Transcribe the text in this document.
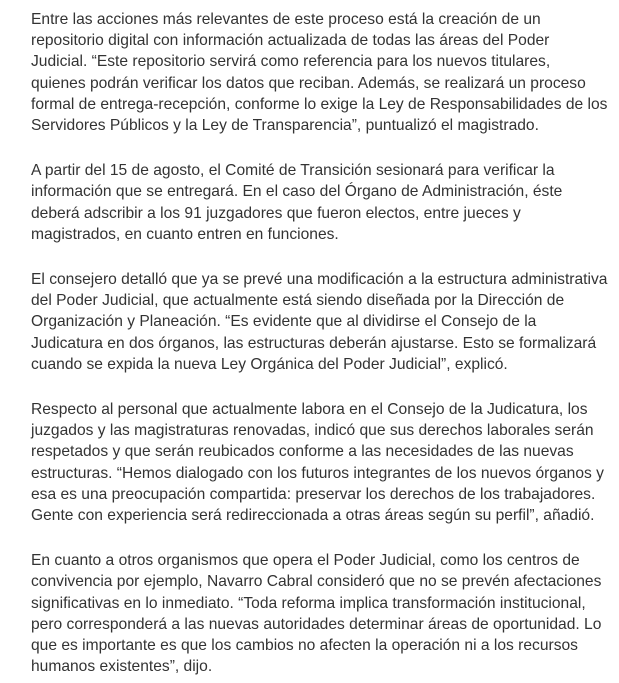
Entre las acciones más relevantes de este proceso está la creación de un repositorio digital con información actualizada de todas las áreas del Poder Judicial. “Este repositorio servirá como referencia para los nuevos titulares, quienes podrán verificar los datos que reciban. Además, se realizará un proceso formal de entrega-recepción, conforme lo exige la Ley de Responsabilidades de los Servidores Públicos y la Ley de Transparencia”, puntualizó el magistrado.

A partir del 15 de agosto, el Comité de Transición sesionará para verificar la información que se entregará. En el caso del Órgano de Administración, éste deberá adscribir a los 91 juzgadores que fueron electos, entre jueces y magistrados, en cuanto entren en funciones.

El consejero detalló que ya se prevé una modificación a la estructura administrativa del Poder Judicial, que actualmente está siendo diseñada por la Dirección de Organización y Planeación. “Es evidente que al dividirse el Consejo de la Judicatura en dos órganos, las estructuras deberán ajustarse. Esto se formalizará cuando se expida la nueva Ley Orgánica del Poder Judicial”, explicó.

Respecto al personal que actualmente labora en el Consejo de la Judicatura, los juzgados y las magistraturas renovadas, indicó que sus derechos laborales serán respetados y que serán reubicados conforme a las necesidades de las nuevas estructuras. “Hemos dialogado con los futuros integrantes de los nuevos órganos y esa es una preocupación compartida: preservar los derechos de los trabajadores. Gente con experiencia será redireccionada a otras áreas según su perfil”, añadió.

En cuanto a otros organismos que opera el Poder Judicial, como los centros de convivencia por ejemplo, Navarro Cabral consideró que no se prevén afectaciones significativas en lo inmediato. “Toda reforma implica transformación institucional, pero corresponderá a las nuevas autoridades determinar áreas de oportunidad. Lo que es importante es que los cambios no afecten la operación ni a los recursos humanos existentes”, dijo.
